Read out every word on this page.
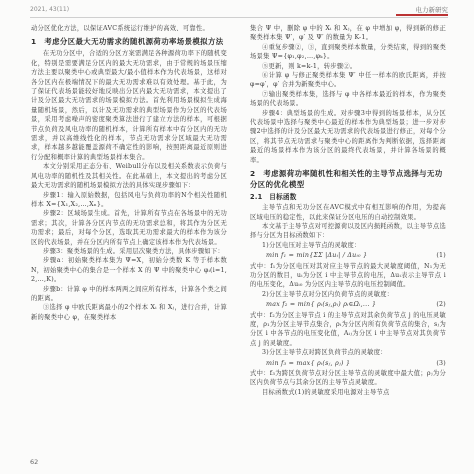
2021, 43(11)	电力新研究

动分区优化方法，以保证AVC系统运行维护的高效、可靠性。

1　考虑分区最大无功需求的随机源荷功率场景模拟方法

在无功分区中，合适的分区方案需满足各种源荷功率下的随机变化，特别是需要满足分区内的最大无功需求，由于常规的场景压缩方法主要以聚类中心或典型最大/最小值样本作为代表场景，这样对各分区内在极端情况下的最大无功需求难以有效处理。基于此，为了保证代表场景能较好地反映出分区内最大无功需求，本文提出了计及分区最大无功需求的场景模拟方法。首先利用场景模拟生成海量随机场景，然后，以计及无功需求的典型场景作为分区的代表场景，采用考虑噪声的密度聚类算法进行了建立方法的样本，可根据节点负荷及风电功率的随机样本，计算所有样本中有分区内的无功需求，并以高维线性化的样本，节点无功需求分区域最大无功需求，样本越多越能覆盖源荷不确定性的影响，按照距离最近原则进行分配和概率计算的典型场景样本集合。

本文分别采用正态分布、Weibull分布以及相关系数表示负荷与风电功率的随机性及其相关性。在此基础上，本文提出的考虑分区最大无功需求的随机场景模拟方法的具体实现步骤如下：

步骤1：输入原始数据，包括风电与负荷功率的N个相关性随机样本 X={X₁,X₂,…,Xₙ}。

步骤2：区域场景生成。首先，计算所有节点在各场景中的无功需求；其次，计算各分区内节点的无功需求总和，将其作为分区无功需求；最后，对每个分区，选取其无功需求最大的样本作为该分区的代表场景，并在分区内所有节点上确定该样本作为代表场景。

步骤3：聚类场景的生成。采用层次聚类方法，具体步骤如下：

步骤a：初始聚类样本集为 Ψ=X，初始分类数 K 等于样本数 N，初始聚类中心的集合是一个样本 X 的 Ψ 中的聚类中心 φᵢ(i=1,2,…,K)。

步骤b：计算 φ 中的样本两两之间应所有样本，计算各个类之间的距离。

③选择 φ 中欧氏距离最小的2个样本 Xᵢ 和 Xⱼ，进行合并，计算新的聚类中心 φ，在聚类样本

集合 Ψ 中，删除 φ 中的 Xᵢ 和 Xⱼ，在 φ 中增加 φ，得到新的修正聚类样本集 Ψ′，φ′ 及 Ψ′ 的数量为 K-1。

④重复步骤②，③，直到聚类样本数量，分类结束，得到的聚类场景集 Ψ={φ₁,φ₂,…,φₖ}。

⑤更新，则 k=k-1，转步骤②。

⑥计算 φ 与修正聚类样本集 Ψ′ 中任一样本的欧氏距离，并按 φ=φ′，φ′ 合并为新聚类中心。

⑦输出聚类样本集，选择与 φ 中各样本最近的样本，作为聚类场景的代表场景。

步骤4：典型场景的生成。对步骤3中得到的场景样本，从分区代表场景中选择与聚类中心最近的样本作为典型场景；进一步对步骤2中选择的计及分区最大无功需求的代表场景进行修正，对每个分区，将其节点无功需求与聚类中心的距离作为判断依据，选择距离最近的场景样本作为该分区的最终代表场景，并计算各场景的概率。

2　考虑源荷功率随机性和相关性的主导节点选择与无功分区的优化模型
2.1　目标函数

主导节点和无功分区在AVC模式中有相互影响的作用，为提高区域电压的稳定性，以此来保证分区电压的自动控制效果。

本文基于主导节点对可控源荷以及区内损耗函数，以主导节点选择与分区为目标函数如下：

1)分区电压对主导节点的灵敏度：

min f₁ = min{ΣΣ |Δuᵢ| / Δuᵢ₀ }	(1)

式中：f₁为分区电压对其对应主导节点的最大灵敏度阈值，N₁为无功分区的数目，uᵢ为分区 i 中主导节点的电压，Δuᵢ表示主导节点 i 的电压变化，Δuᵢ₀ 为分区内主导节点的电压控制阈值。

2)分区主导节点对分区内负荷节点的灵敏度：

max f₂ = min{ ρᵢ(sⱼ,ρᵢ) ρᵢ∈Ωᵢ,... }	(2)

式中：f₂为分区主导节点 i 的主导节点对其余负荷节点 j 的电压灵敏度，ρ₁为分区主导节点集合，ρᵢ为分区内所有负荷节点的集合，sⱼ为分区 i 中各节点的电压变化值，Aᵢⱼ为分区 i 中主导节点对其负荷节点 j 的灵敏度。

3)分区主导节点对跨区负荷节点的灵敏度：

min f₃ = max{ ρᵢ(sⱼ, ρⱼ) }	(3)

式中：f₃为跨区负荷节点对分区主导节点的灵敏度中最大值；ρⱼ为分区内负荷节点与其余分区的主导节点灵敏度。

目标函数式(1)的灵敏度采用电源对主导节点

62
